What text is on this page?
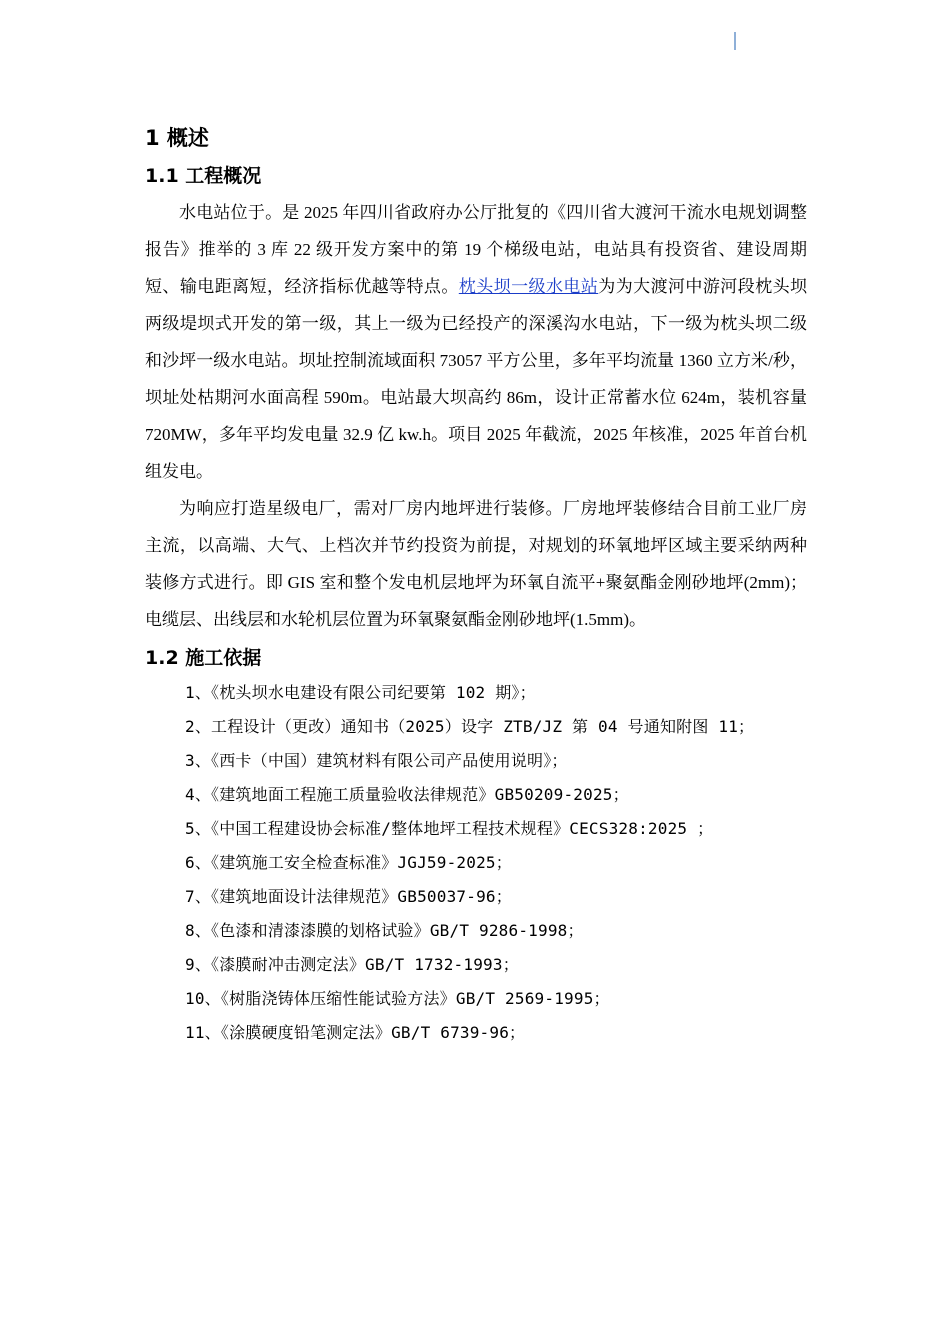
1 概述
1.1 工程概况

水电站位于。是 2025 年四川省政府办公厅批复的《四川省大渡河干流水电规划调整报告》推举的 3 库 22 级开发方案中的第 19 个梯级电站，电站具有投资省、建设周期短、输电距离短，经济指标优越等特点。枕头坝一级水电站为为大渡河中游河段枕头坝两级堤坝式开发的第一级，其上一级为已经投产的深溪沟水电站，下一级为枕头坝二级和沙坪一级水电站。坝址控制流域面积 73057 平方公里，多年平均流量 1360 立方米/秒，坝址处枯期河水面高程 590m。电站最大坝高约 86m，设计正常蓄水位 624m，装机容量 720MW，多年平均发电量 32.9 亿 kw.h。项目 2025 年截流，2025 年核准，2025 年首台机组发电。

为响应打造星级电厂，需对厂房内地坪进行装修。厂房地坪装修结合目前工业厂房主流，以高端、大气、上档次并节约投资为前提，对规划的环氧地坪区域主要采纳两种装修方式进行。即 GIS 室和整个发电机层地坪为环氧自流平+聚氨酯金刚砂地坪(2mm)；电缆层、出线层和水轮机层位置为环氧聚氨酯金刚砂地坪(1.5mm)。

1.2 施工依据

1、《枕头坝水电建设有限公司纪要第 102 期》；

2、工程设计（更改）通知书（2025）设字 ZTB/JZ 第 04 号通知附图 11；

3、《西卡（中国）建筑材料有限公司产品使用说明》；

4、《建筑地面工程施工质量验收法律规范》GB50209-2025；

5、《中国工程建设协会标准/整体地坪工程技术规程》CECS328:2025 ；

6、《建筑施工安全检查标准》JGJ59-2025；

7、《建筑地面设计法律规范》GB50037-96；

8、《色漆和清漆漆膜的划格试验》GB/T 9286-1998；

9、《漆膜耐冲击测定法》GB/T 1732-1993；

10、《树脂浇铸体压缩性能试验方法》GB/T 2569-1995；

11、《涂膜硬度铅笔测定法》GB/T 6739-96；
